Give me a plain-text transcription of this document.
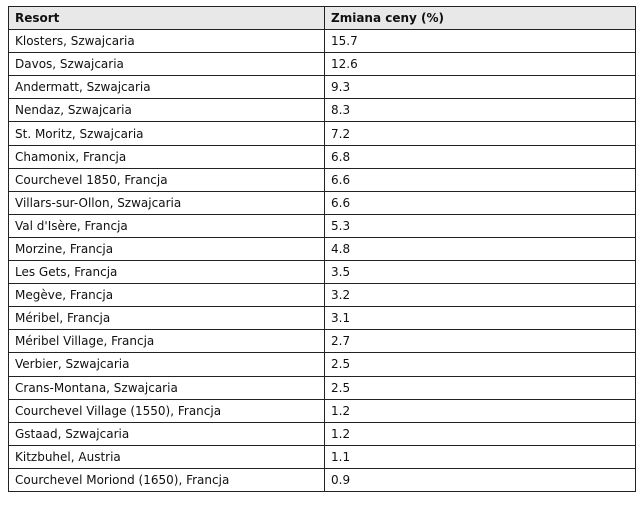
Resort	Zmiana ceny (%)
Klosters, Szwajcaria	15.7
Davos, Szwajcaria	12.6
Andermatt, Szwajcaria	9.3
Nendaz, Szwajcaria	8.3
St. Moritz, Szwajcaria	7.2
Chamonix, Francja	6.8
Courchevel 1850, Francja	6.6
Villars-sur-Ollon, Szwajcaria	6.6
Val d'Isère, Francja	5.3
Morzine, Francja	4.8
Les Gets, Francja	3.5
Megève, Francja	3.2
Méribel, Francja	3.1
Méribel Village, Francja	2.7
Verbier, Szwajcaria	2.5
Crans-Montana, Szwajcaria	2.5
Courchevel Village (1550), Francja	1.2
Gstaad, Szwajcaria	1.2
Kitzbuhel, Austria	1.1
Courchevel Moriond (1650), Francja	0.9
